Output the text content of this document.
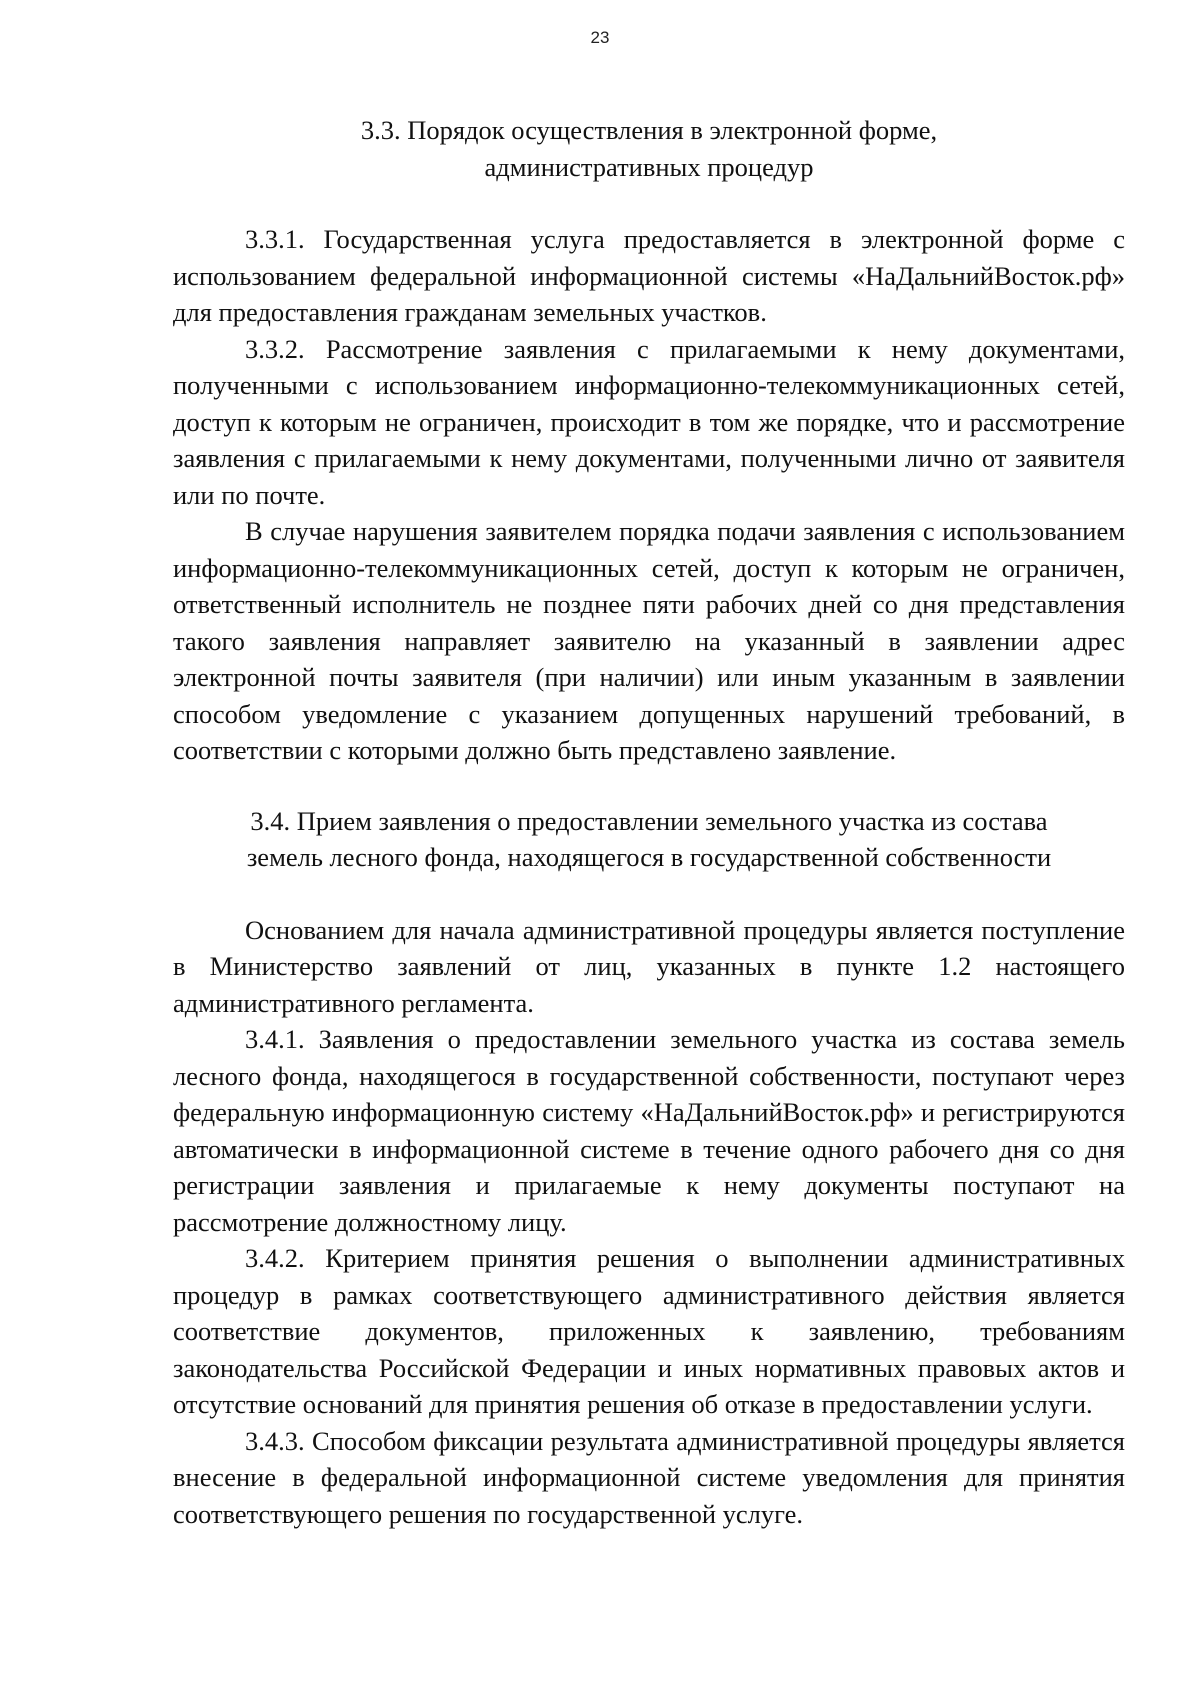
23

3.3. Порядок осуществления в электронной форме,

административных процедур

3.3.1. Государственная услуга предоставляется в электронной форме с использованием федеральной информационной системы «НаДальнийВосток.рф» для предоставления гражданам земельных участков.

3.3.2. Рассмотрение заявления с прилагаемыми к нему документами, полученными с использованием информационно-телекоммуникационных сетей, доступ к которым не ограничен, происходит в том же порядке, что и рассмотрение заявления с прилагаемыми к нему документами, полученными лично от заявителя или по почте.

В случае нарушения заявителем порядка подачи заявления с использованием информационно-телекоммуникационных сетей, доступ к которым не ограничен, ответственный исполнитель не позднее пяти рабочих дней со дня представления такого заявления направляет заявителю на указанный в заявлении адрес электронной почты заявителя (при наличии) или иным указанным в заявлении способом уведомление с указанием допущенных нарушений требований, в соответствии с которыми должно быть представлено заявление.

3.4. Прием заявления о предоставлении земельного участка из состава

земель лесного фонда, находящегося в государственной собственности

Основанием для начала административной процедуры является поступление в Министерство заявлений от лиц, указанных в пункте 1.2 настоящего административного регламента.

3.4.1. Заявления о предоставлении земельного участка из состава земель лесного фонда, находящегося в государственной собственности, поступают через федеральную информационную систему «НаДальнийВосток.рф» и регистрируются автоматически в информационной системе в течение одного рабочего дня со дня регистрации заявления и прилагаемые к нему документы поступают на рассмотрение должностному лицу.

3.4.2. Критерием принятия решения о выполнении административных процедур в рамках соответствующего административного действия является соответствие документов, приложенных к заявлению, требованиям законодательства Российской Федерации и иных нормативных правовых актов и отсутствие оснований для принятия решения об отказе в предоставлении услуги.

3.4.3. Способом фиксации результата административной процедуры является внесение в федеральной информационной системе уведомления для принятия соответствующего решения по государственной услуге.
